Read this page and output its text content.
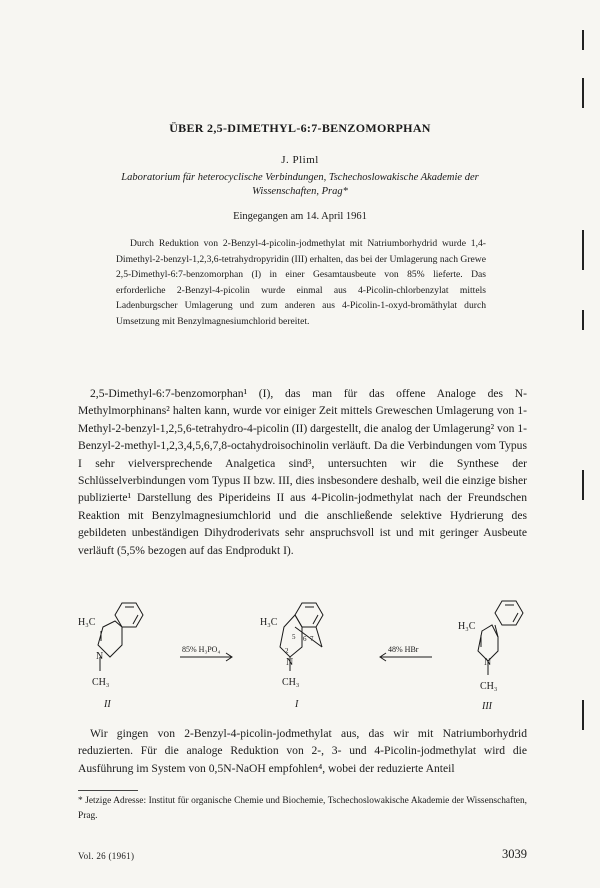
ÜBER 2,5-DIMETHYL-6:7-BENZOMORPHAN
J. Pliml
Laboratorium für heterocyclische Verbindungen, Tschechoslowakische Akademie der Wissenschaften, Prag*
Eingegangen am 14. April 1961

Durch Reduktion von 2-Benzyl-4-picolin-jodmethylat mit Natriumborhydrid wurde 1,4-Dimethyl-2-benzyl-1,2,3,6-tetrahydropyridin (III) erhalten, das bei der Umlagerung nach Grewe 2,5-Dimethyl-6:7-benzomorphan (I) in einer Gesamtausbeute von 85% lieferte. Das erforderliche 2-Benzyl-4-picolin wurde einmal aus 4-Picolin-chlorbenzylat mittels Ladenburgscher Umlagerung und zum anderen aus 4-Picolin-1-oxyd-bromäthylat durch Umsetzung mit Benzylmagnesiumchlorid bereitet.

2,5-Dimethyl-6:7-benzomorphan¹ (I), das man für das offene Analoge des N-Methylmorphinans² halten kann, wurde vor einiger Zeit mittels Greweschen Umlagerung von 1-Methyl-2-benzyl-1,2,5,6-tetrahydro-4-picolin (II) dargestellt, die analog der Umlagerung² von 1-Benzyl-2-methyl-1,2,3,4,5,6,7,8-octahydroisochinolin verläuft. Da die Verbindungen vom Typus I sehr vielversprechende Analgetica sind³, untersuchten wir die Synthese der Schlüsselverbindungen vom Typus II bzw. III, dies insbesondere deshalb, weil die einzige bisher publizierte¹ Darstellung des Piperideins II aus 4-Picolin-jodmethylat nach der Freundschen Reaktion mit Benzylmagnesiumchlorid und die anschließende selektive Hydrierung des gebildeten unbeständigen Dihydroderivats sehr anspruchsvoll ist und mit geringer Ausbeute verläuft (5,5% bezogen auf das Endprodukt I).

H₃C
N
CH₃
II
85% H₃PO₄
H₃C
6 7
5
2
N
CH₃
I
48% HBr
H₃C
N
CH₃
III

Wir gingen von 2-Benzyl-4-picolin-jodmethylat aus, das wir mit Natriumborhydrid reduzierten. Für die analoge Reduktion von 2-, 3- und 4-Picolin-jodmethylat wird die Ausführung im System von 0,5N-NaOH empfohlen⁴, wobei der reduzierte Anteil

* Jetzige Adresse: Institut für organische Chemie und Biochemie, Tschechoslowakische Akademie der Wissenschaften, Prag.

Vol. 26 (1961)	3039
